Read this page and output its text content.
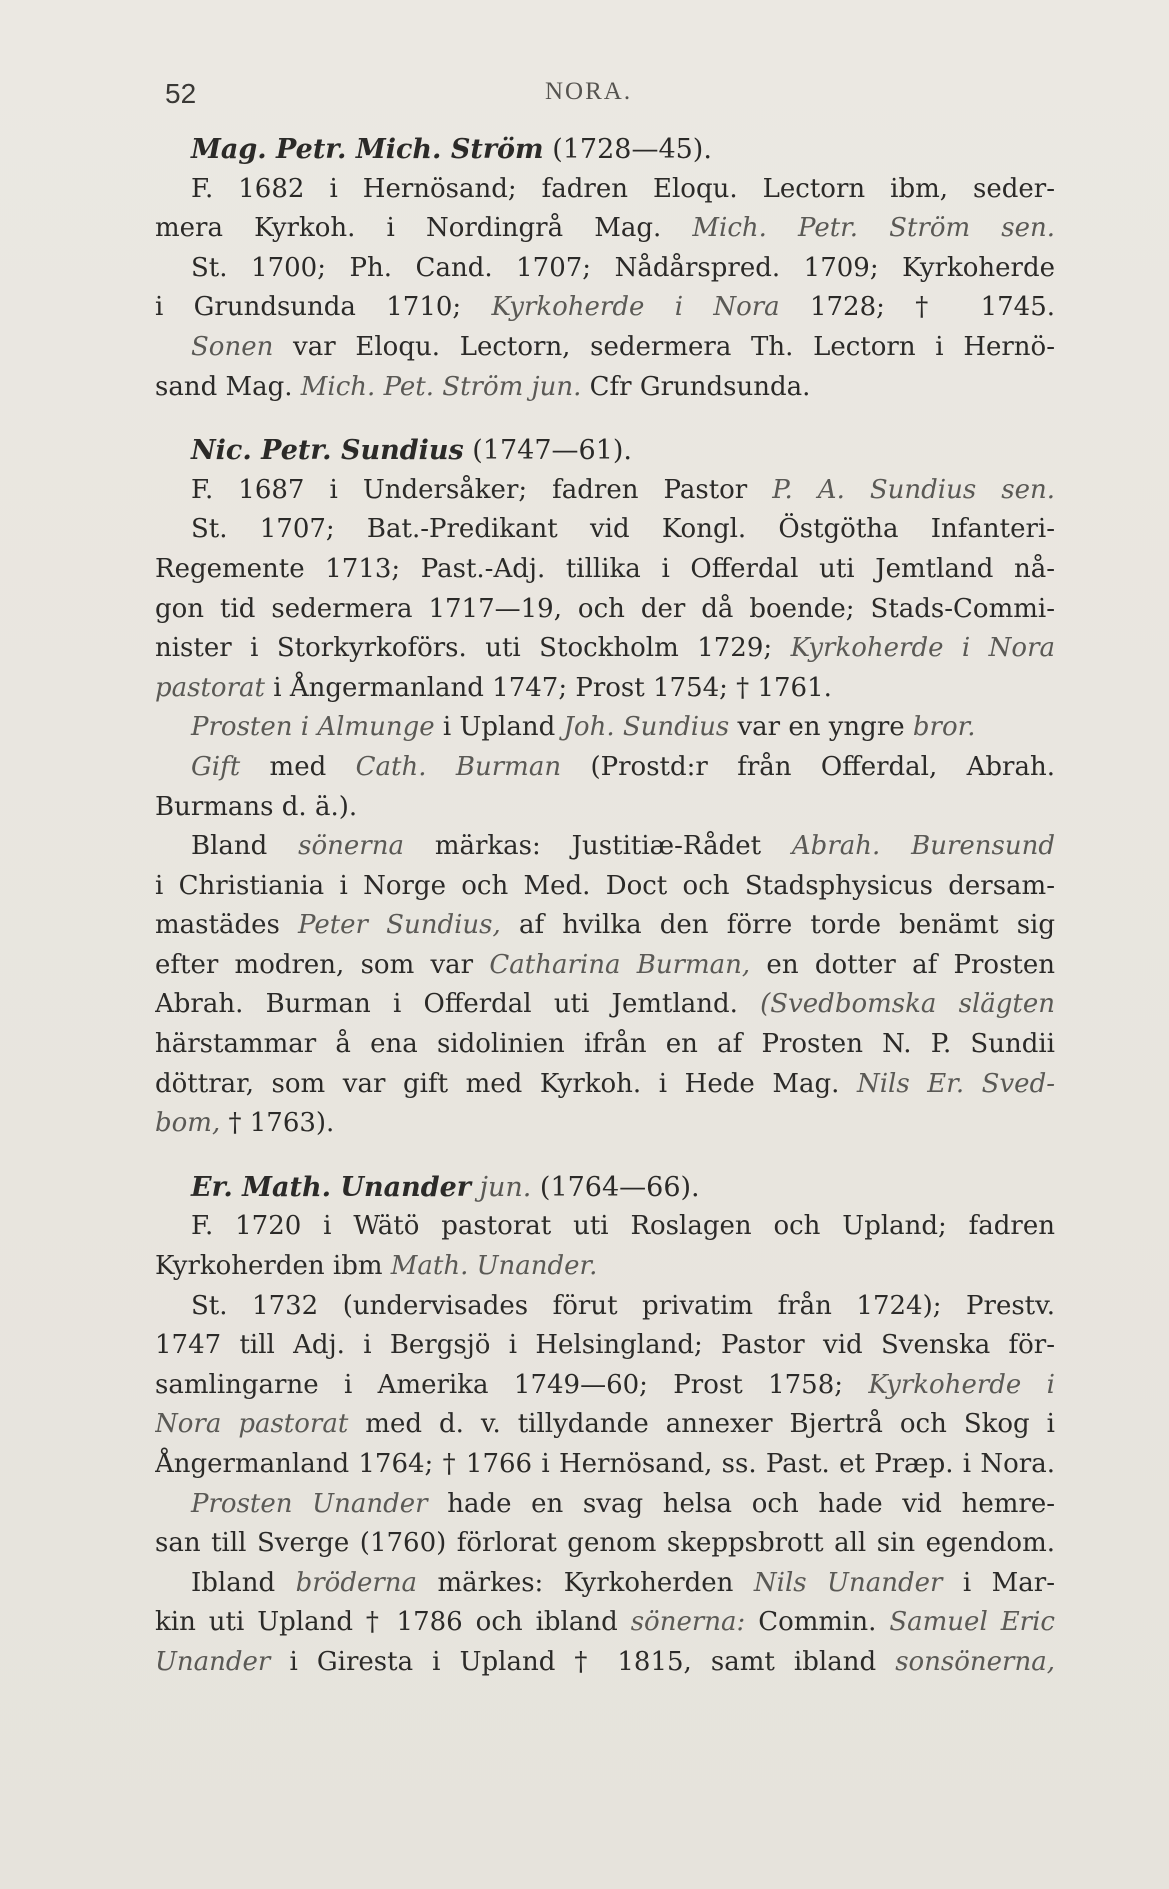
52	NORA.
Mag. Petr. Mich. Ström (1728—45).
F. 1682 i Hernösand; fadren Eloqu. Lectorn ibm, seder-
mera Kyrkoh. i Nordingrå Mag. Mich. Petr. Ström sen.
St. 1700; Ph. Cand. 1707; Nådårspred. 1709; Kyrkoherde
i Grundsunda 1710; Kyrkoherde i Nora 1728; † 1745.
Sonen var Eloqu. Lectorn, sedermera Th. Lectorn i Hernö-
sand Mag. Mich. Pet. Ström jun. Cfr Grundsunda.
Nic. Petr. Sundius (1747—61).
F. 1687 i Undersåker; fadren Pastor P. A. Sundius sen.
St. 1707; Bat.-Predikant vid Kongl. Östgötha Infanteri-
Regemente 1713; Past.-Adj. tillika i Offerdal uti Jemtland nå-
gon tid sedermera 1717—19, och der då boende; Stads-Commi-
nister i Storkyrkoförs. uti Stockholm 1729; Kyrkoherde i Nora
pastorat i Ångermanland 1747; Prost 1754; † 1761.
Prosten i Almunge i Upland Joh. Sundius var en yngre bror.
Gift med Cath. Burman (Prostd:r från Offerdal, Abrah.
Burmans d. ä.).
Bland sönerna märkas: Justitiæ-Rådet Abrah. Burensund
i Christiania i Norge och Med. Doct och Stadsphysicus dersam-
mastädes Peter Sundius, af hvilka den förre torde benämt sig
efter modren, som var Catharina Burman, en dotter af Prosten
Abrah. Burman i Offerdal uti Jemtland. (Svedbomska slägten
härstammar å ena sidolinien ifrån en af Prosten N. P. Sundii
döttrar, som var gift med Kyrkoh. i Hede Mag. Nils Er. Sved-
bom, † 1763).
Er. Math. Unander jun. (1764—66).
F. 1720 i Wätö pastorat uti Roslagen och Upland; fadren
Kyrkoherden ibm Math. Unander.
St. 1732 (undervisades förut privatim från 1724); Prestv.
1747 till Adj. i Bergsjö i Helsingland; Pastor vid Svenska för-
samlingarne i Amerika 1749—60; Prost 1758; Kyrkoherde i
Nora pastorat med d. v. tillydande annexer Bjertrå och Skog i
Ångermanland 1764; † 1766 i Hernösand, ss. Past. et Præp. i Nora.
Prosten Unander hade en svag helsa och hade vid hemre-
san till Sverge (1760) förlorat genom skeppsbrott all sin egendom.
Ibland bröderna märkes: Kyrkoherden Nils Unander i Mar-
kin uti Upland † 1786 och ibland sönerna: Commin. Samuel Eric
Unander i Giresta i Upland † 1815, samt ibland sonsönerna,
